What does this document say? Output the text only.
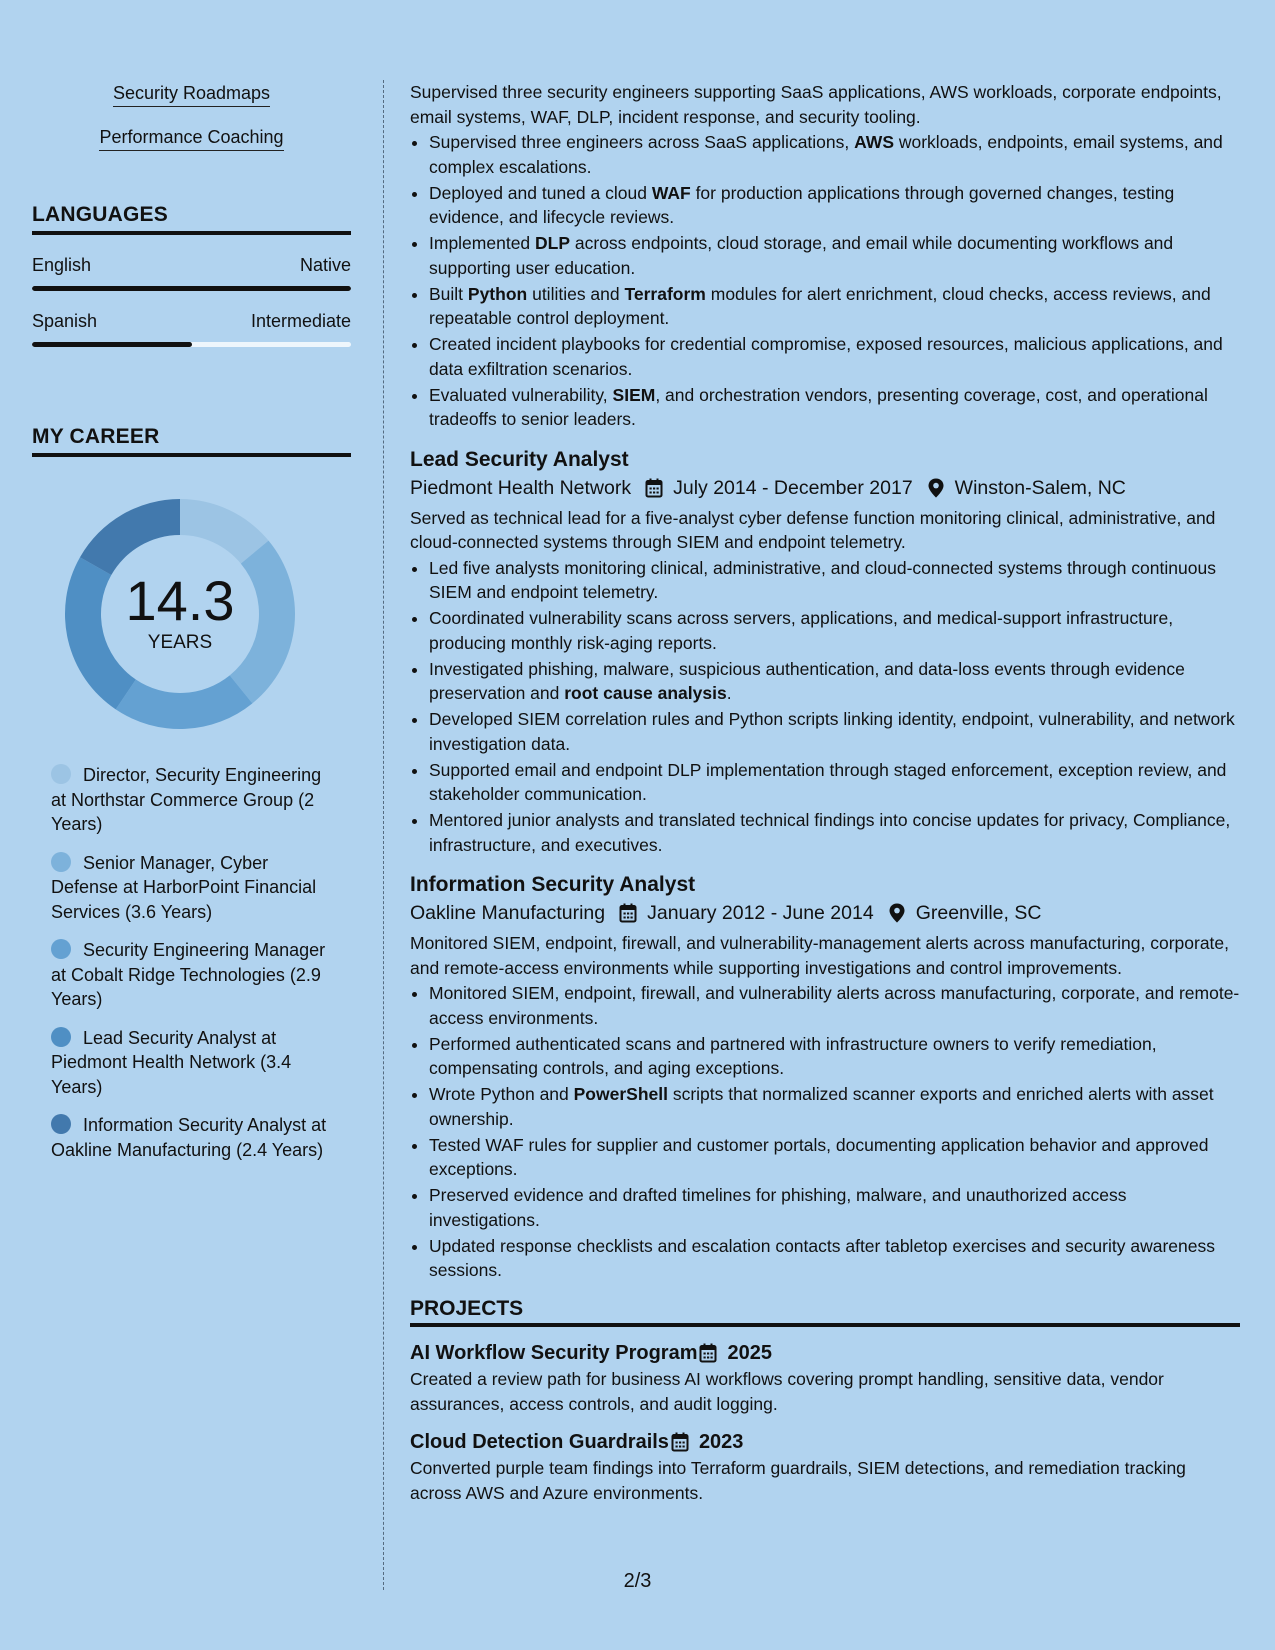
Security Roadmaps
Performance Coaching
LANGUAGES
English	Native
Spanish	Intermediate
MY CAREER
14.3
YEARS
Director, Security Engineering at Northstar Commerce Group (2 Years)
Senior Manager, Cyber Defense at HarborPoint Financial Services (3.6 Years)
Security Engineering Manager at Cobalt Ridge Technologies (2.9 Years)
Lead Security Analyst at Piedmont Health Network (3.4 Years)
Information Security Analyst at Oakline Manufacturing (2.4 Years)

Supervised three security engineers supporting SaaS applications, AWS workloads, corporate endpoints, email systems, WAF, DLP, incident response, and security tooling.

• Supervised three engineers across SaaS applications, AWS workloads, endpoints, email systems, and complex escalations.
• Deployed and tuned a cloud WAF for production applications through governed changes, testing evidence, and lifecycle reviews.
• Implemented DLP across endpoints, cloud storage, and email while documenting workflows and supporting user education.
• Built Python utilities and Terraform modules for alert enrichment, cloud checks, access reviews, and repeatable control deployment.
• Created incident playbooks for credential compromise, exposed resources, malicious applications, and data exfiltration scenarios.
• Evaluated vulnerability, SIEM, and orchestration vendors, presenting coverage, cost, and operational tradeoffs to senior leaders.
Lead Security Analyst
Piedmont Health Network July 2014 - December 2017 Winston-Salem, NC

Served as technical lead for a five-analyst cyber defense function monitoring clinical, administrative, and cloud-connected systems through SIEM and endpoint telemetry.

• Led five analysts monitoring clinical, administrative, and cloud-connected systems through continuous SIEM and endpoint telemetry.
• Coordinated vulnerability scans across servers, applications, and medical-support infrastructure, producing monthly risk-aging reports.
• Investigated phishing, malware, suspicious authentication, and data-loss events through evidence preservation and root cause analysis.
• Developed SIEM correlation rules and Python scripts linking identity, endpoint, vulnerability, and network investigation data.
• Supported email and endpoint DLP implementation through staged enforcement, exception review, and stakeholder communication.
• Mentored junior analysts and translated technical findings into concise updates for privacy, Compliance, infrastructure, and executives.
Information Security Analyst
Oakline Manufacturing January 2012 - June 2014 Greenville, SC

Monitored SIEM, endpoint, firewall, and vulnerability-management alerts across manufacturing, corporate, and remote-access environments while supporting investigations and control improvements.

• Monitored SIEM, endpoint, firewall, and vulnerability alerts across manufacturing, corporate, and remote-access environments.
• Performed authenticated scans and partnered with infrastructure owners to verify remediation, compensating controls, and aging exceptions.
• Wrote Python and PowerShell scripts that normalized scanner exports and enriched alerts with asset ownership.
• Tested WAF rules for supplier and customer portals, documenting application behavior and approved exceptions.
• Preserved evidence and drafted timelines for phishing, malware, and unauthorized access investigations.
• Updated response checklists and escalation contacts after tabletop exercises and security awareness sessions.
PROJECTS
AI Workflow Security Program 2025

Created a review path for business AI workflows covering prompt handling, sensitive data, vendor assurances, access controls, and audit logging.

Cloud Detection Guardrails 2023

Converted purple team findings into Terraform guardrails, SIEM detections, and remediation tracking across AWS and Azure environments.

2/3
